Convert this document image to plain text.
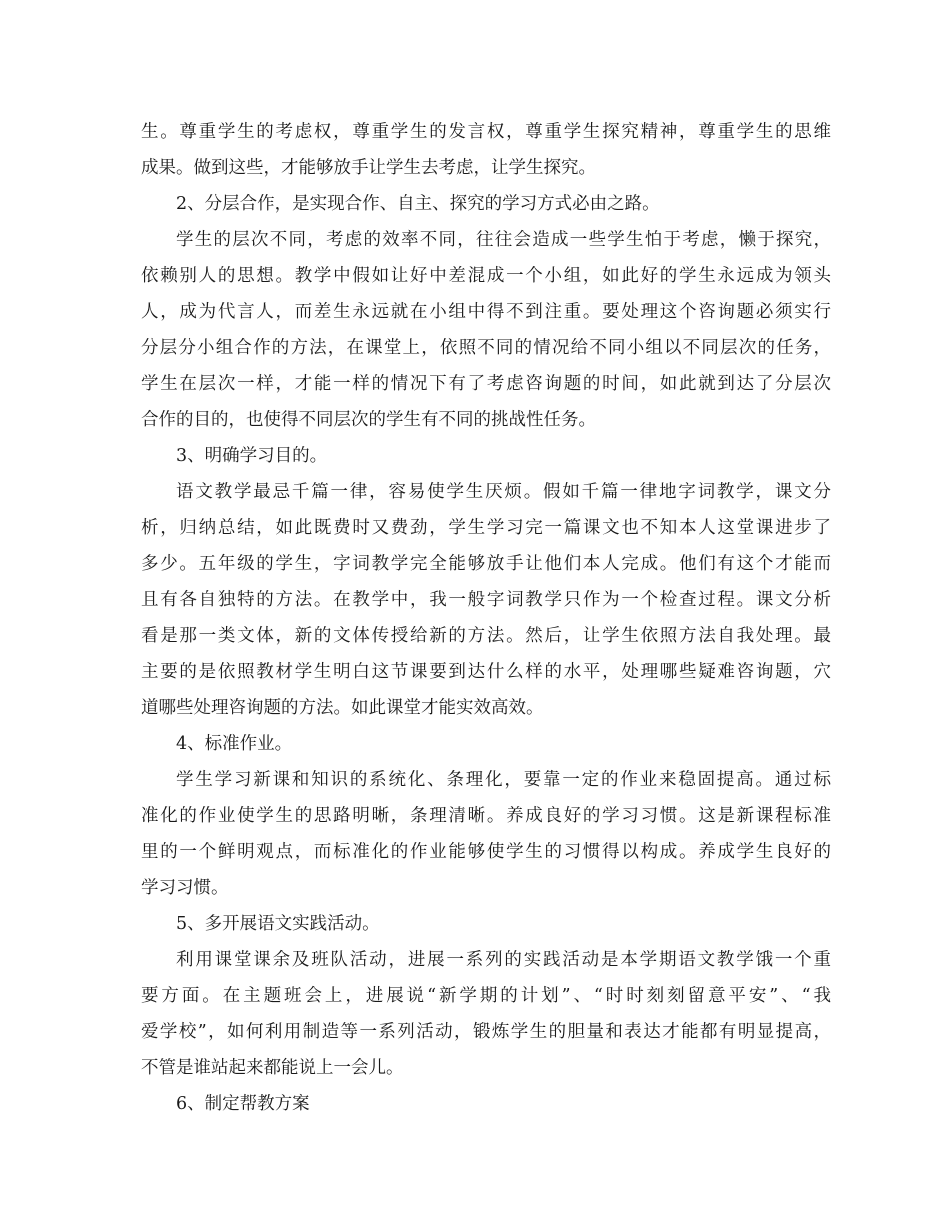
生。尊重学生的考虑权，尊重学生的发言权，尊重学生探究精神，尊重学生的思维
成果。做到这些，才能够放手让学生去考虑，让学生探究。
2、分层合作，是实现合作、自主、探究的学习方式必由之路。
学生的层次不同，考虑的效率不同，往往会造成一些学生怕于考虑，懒于探究，
依赖别人的思想。教学中假如让好中差混成一个小组，如此好的学生永远成为领头
人，成为代言人，而差生永远就在小组中得不到注重。要处理这个咨询题必须实行
分层分小组合作的方法，在课堂上，依照不同的情况给不同小组以不同层次的任务，
学生在层次一样，才能一样的情况下有了考虑咨询题的时间，如此就到达了分层次
合作的目的，也使得不同层次的学生有不同的挑战性任务。
3、明确学习目的。
语文教学最忌千篇一律，容易使学生厌烦。假如千篇一律地字词教学，课文分
析，归纳总结，如此既费时又费劲，学生学习完一篇课文也不知本人这堂课进步了
多少。五年级的学生，字词教学完全能够放手让他们本人完成。他们有这个才能而
且有各自独特的方法。在教学中，我一般字词教学只作为一个检查过程。课文分析
看是那一类文体，新的文体传授给新的方法。然后，让学生依照方法自我处理。最
主要的是依照教材学生明白这节课要到达什么样的水平，处理哪些疑难咨询题，穴
道哪些处理咨询题的方法。如此课堂才能实效高效。
4、标准作业。
学生学习新课和知识的系统化、条理化，要靠一定的作业来稳固提高。通过标
准化的作业使学生的思路明晰，条理清晰。养成良好的学习习惯。这是新课程标准
里的一个鲜明观点，而标准化的作业能够使学生的习惯得以构成。养成学生良好的
学习习惯。
5、多开展语文实践活动。
利用课堂课余及班队活动，进展一系列的实践活动是本学期语文教学饿一个重
要方面。在主题班会上，进展说“新学期的计划”、“时时刻刻留意平安”、“我
爱学校”，如何利用制造等一系列活动，锻炼学生的胆量和表达才能都有明显提高，
不管是谁站起来都能说上一会儿。
6、制定帮教方案
